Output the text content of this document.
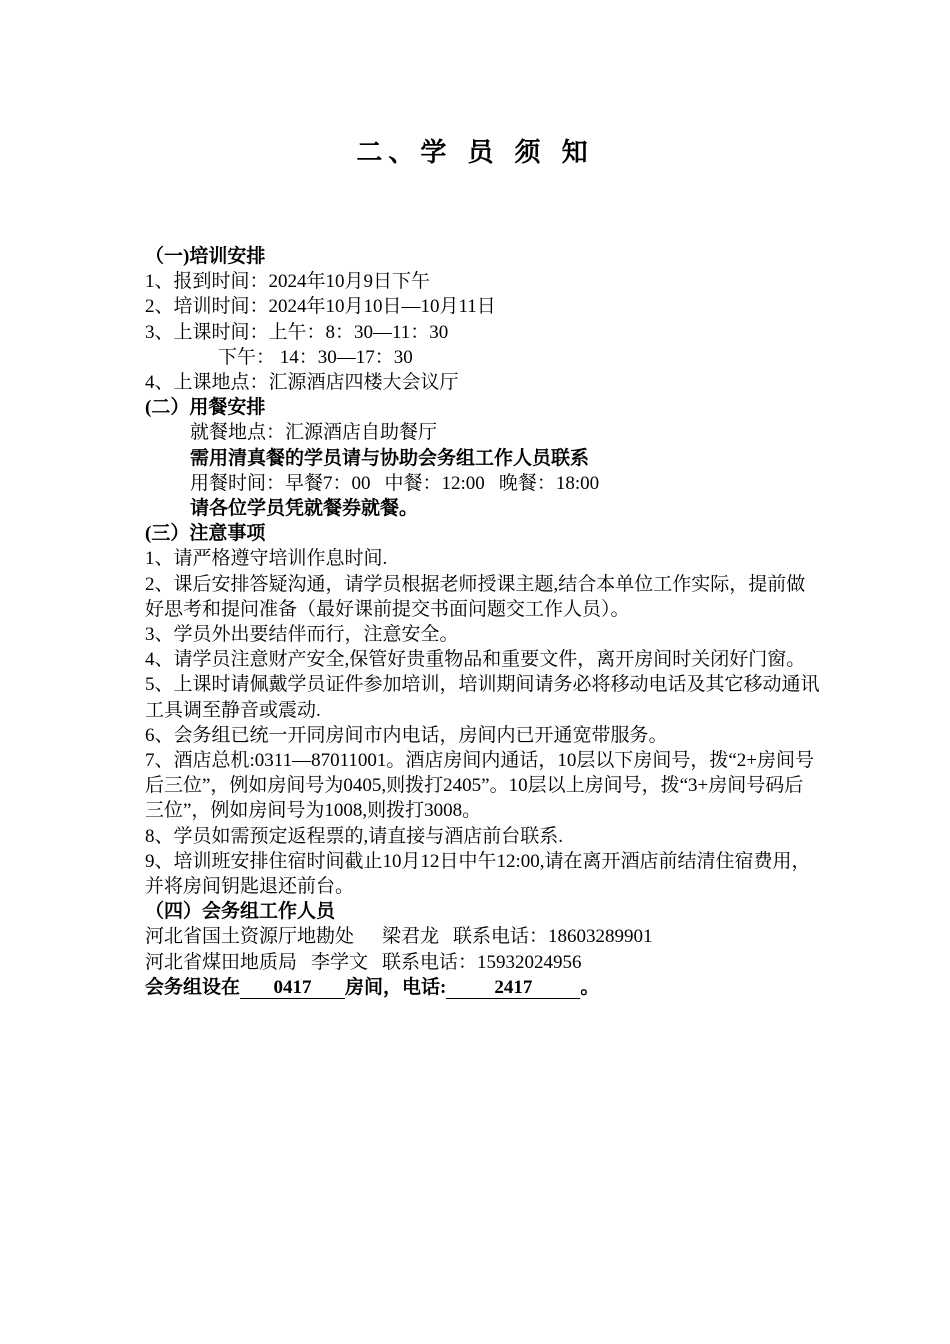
二、学 员 须 知
（一)培训安排
1、报到时间：2024年10月9日下午
2、培训时间：2024年10月10日—10月11日
3、上课时间：上午：8：30—11：30
下午： 14：30—17：30
4、上课地点：汇源酒店四楼大会议厅
(二）用餐安排
就餐地点：汇源酒店自助餐厅
需用清真餐的学员请与协助会务组工作人员联系
用餐时间：早餐7：00 中餐：12:00 晚餐：18:00
请各位学员凭就餐券就餐。
(三）注意事项
1、请严格遵守培训作息时间.
2、课后安排答疑沟通，请学员根据老师授课主题,结合本单位工作实际，提前做好思考和提问准备（最好课前提交书面问题交工作人员）。
3、学员外出要结伴而行，注意安全。
4、请学员注意财产安全,保管好贵重物品和重要文件，离开房间时关闭好门窗。
5、上课时请佩戴学员证件参加培训，培训期间请务必将移动电话及其它移动通讯工具调至静音或震动.
6、会务组已统一开同房间市内电话，房间内已开通宽带服务。
7、酒店总机:0311—87011001。酒店房间内通话，10层以下房间号，拨“2+房间号后三位”，例如房间号为0405,则拨打2405”。10层以上房间号，拨“3+房间号码后三位”，例如房间号为1008,则拨打3008。
8、学员如需预定返程票的,请直接与酒店前台联系.
9、培训班安排住宿时间截止10月12日中午12:00,请在离开酒店前结清住宿费用，并将房间钥匙退还前台。
（四）会务组工作人员
河北省国土资源厅地勘处 梁君龙 联系电话：18603289901
河北省煤田地质局 李学文 联系电话：15932024956
会务组设在 0417 房间，电话:	2417	。
